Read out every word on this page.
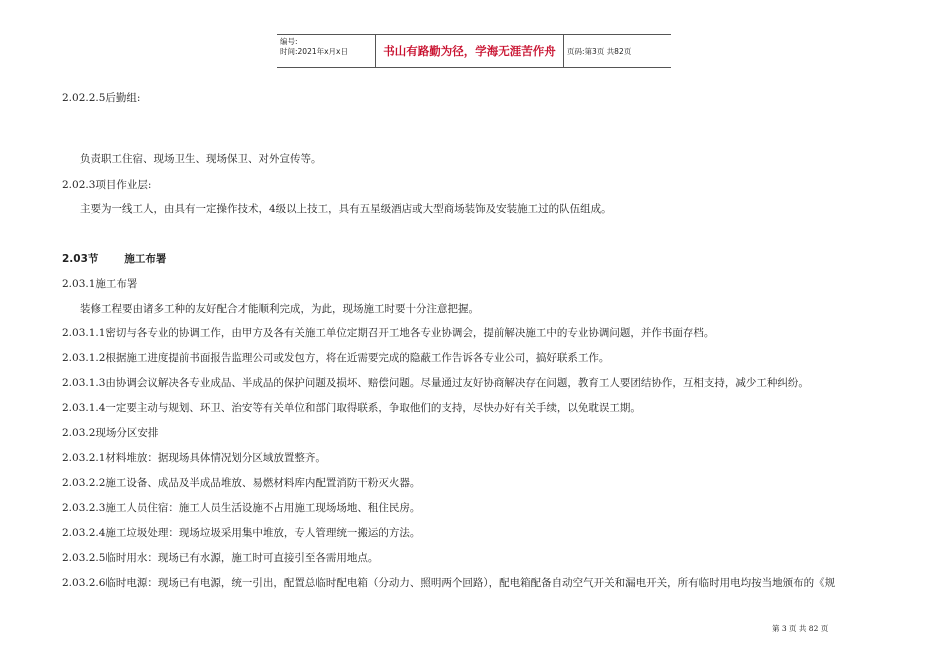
编号:
时间:2021年x月x日	书山有路勤为径，学海无涯苦作舟	页码:第3页 共82页
2.02.2.5后勤组:
负责职工住宿、现场卫生、现场保卫、对外宣传等。
2.02.3项目作业层:
主要为一线工人，由具有一定操作技术，4级以上技工，具有五星级酒店或大型商场装饰及安装施工过的队伍组成。
2.03节 施工布署
2.03.1施工布署
装修工程要由诸多工种的友好配合才能顺利完成，为此，现场施工时要十分注意把握。
2.03.1.1密切与各专业的协调工作，由甲方及各有关施工单位定期召开工地各专业协调会，提前解决施工中的专业协调问题，并作书面存档。
2.03.1.2根据施工进度提前书面报告监理公司或发包方，将在近需要完成的隐蔽工作告诉各专业公司，搞好联系工作。
2.03.1.3由协调会议解决各专业成品、半成品的保护问题及损坏、赔偿问题。尽量通过友好协商解决存在问题，教育工人要团结协作，互相支持，减少工种纠纷。
2.03.1.4一定要主动与规划、环卫、治安等有关单位和部门取得联系，争取他们的支持，尽快办好有关手续，以免耽误工期。
2.03.2现场分区安排
2.03.2.1材料堆放：据现场具体情况划分区域放置整齐。
2.03.2.2施工设备、成品及半成品堆放、易燃材料库内配置消防干粉灭火器。
2.03.2.3施工人员住宿：施工人员生活设施不占用施工现场场地、租住民房。
2.03.2.4施工垃圾处理：现场垃圾采用集中堆放，专人管理统一搬运的方法。
2.03.2.5临时用水：现场已有水源，施工时可直接引至各需用地点。
2.03.2.6临时电源：现场已有电源，统一引出，配置总临时配电箱（分动力、照明两个回路），配电箱配备自动空气开关和漏电开关，所有临时用电均按当地颁布的《规
第 3 页 共 82 页
